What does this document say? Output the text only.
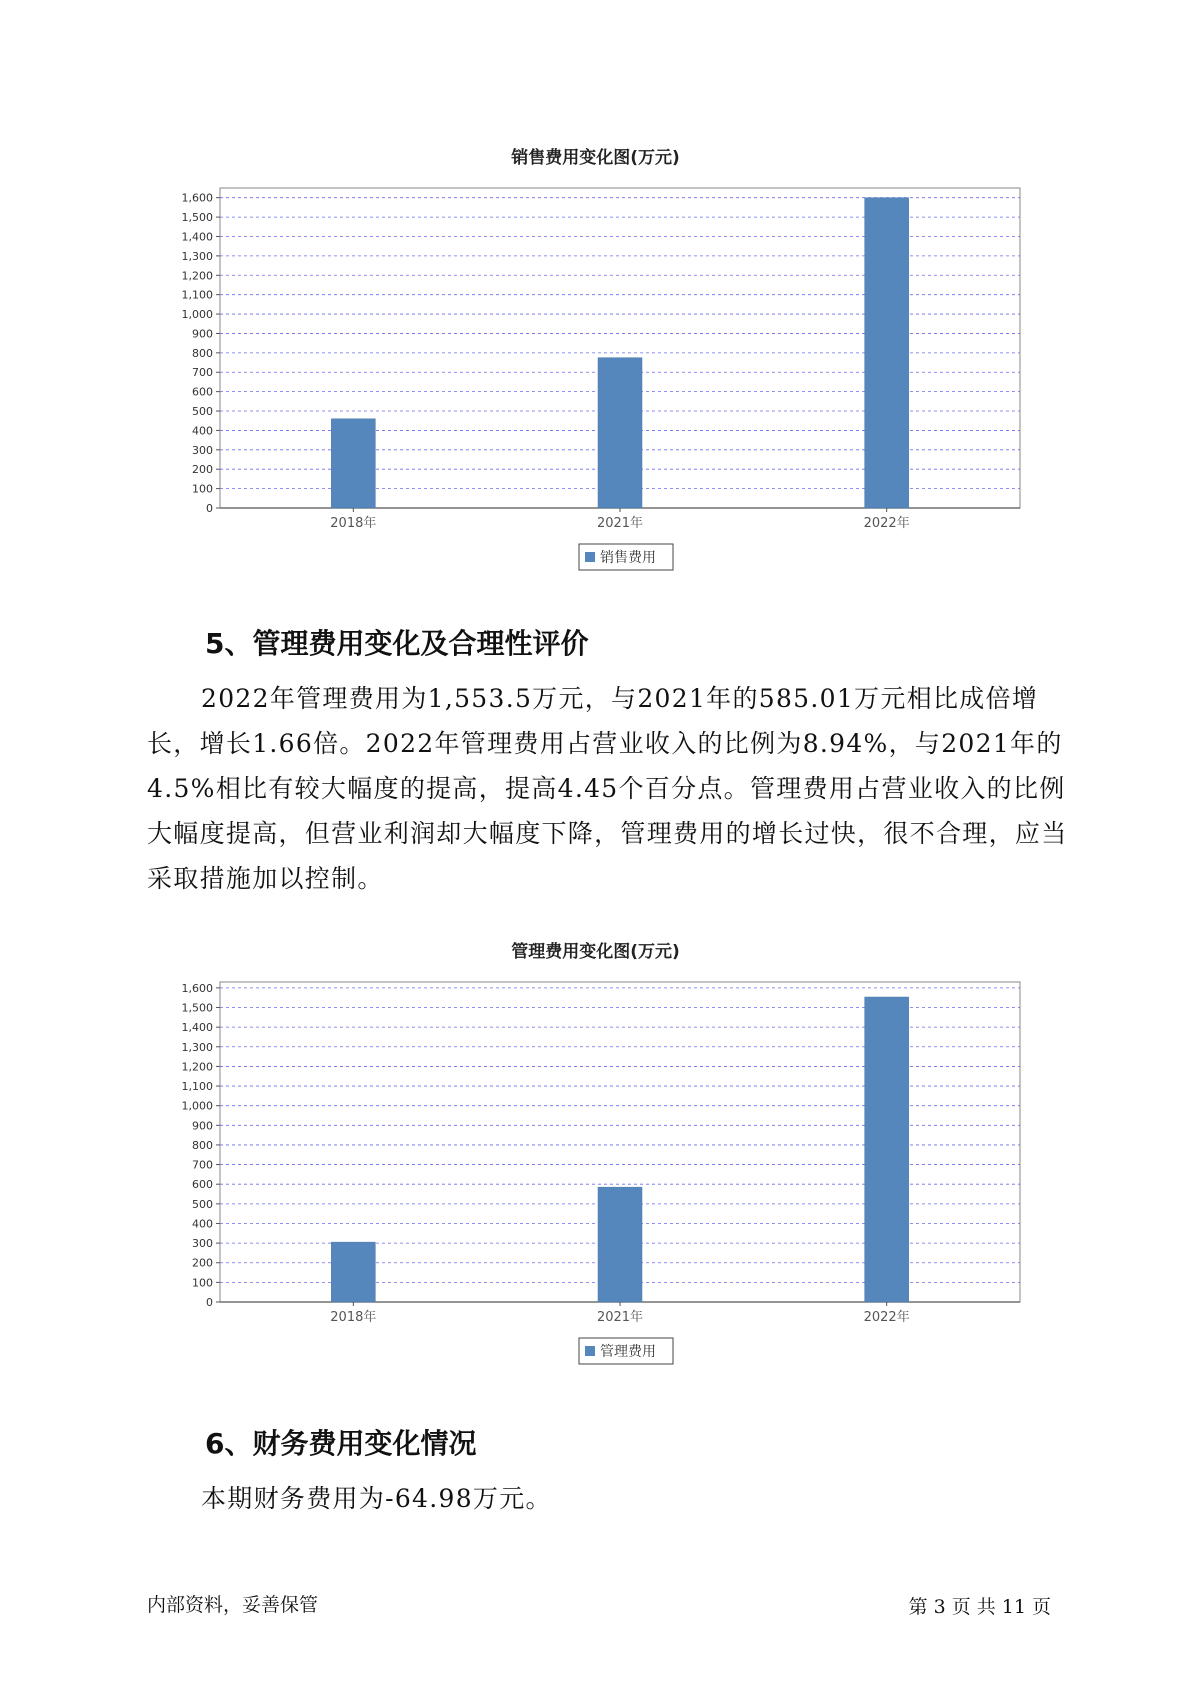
销售费用变化图(万元)
0
100
200
300
400
500
600
700
800
900
1,000
1,100
1,200
1,300
1,400
1,500
1,600
2018年	2021年	2022年
销售费用
5、管理费用变化及合理性评价
2022年管理费用为1,553.5万元，与2021年的585.01万元相比成倍增长，增长1.66倍。2022年管理费用占营业收入的比例为8.94%，与2021年的4.5%相比有较大幅度的提高，提高4.45个百分点。管理费用占营业收入的比例大幅度提高，但营业利润却大幅度下降，管理费用的增长过快，很不合理，应当采取措施加以控制。
管理费用变化图(万元)
0
100
200
300
400
500
600
700
800
900
1,000
1,100
1,200
1,300
1,400
1,500
1,600
2018年	2021年	2022年
管理费用
6、财务费用变化情况
本期财务费用为-64.98万元。
内部资料，妥善保管	第 3 页 共 11 页
